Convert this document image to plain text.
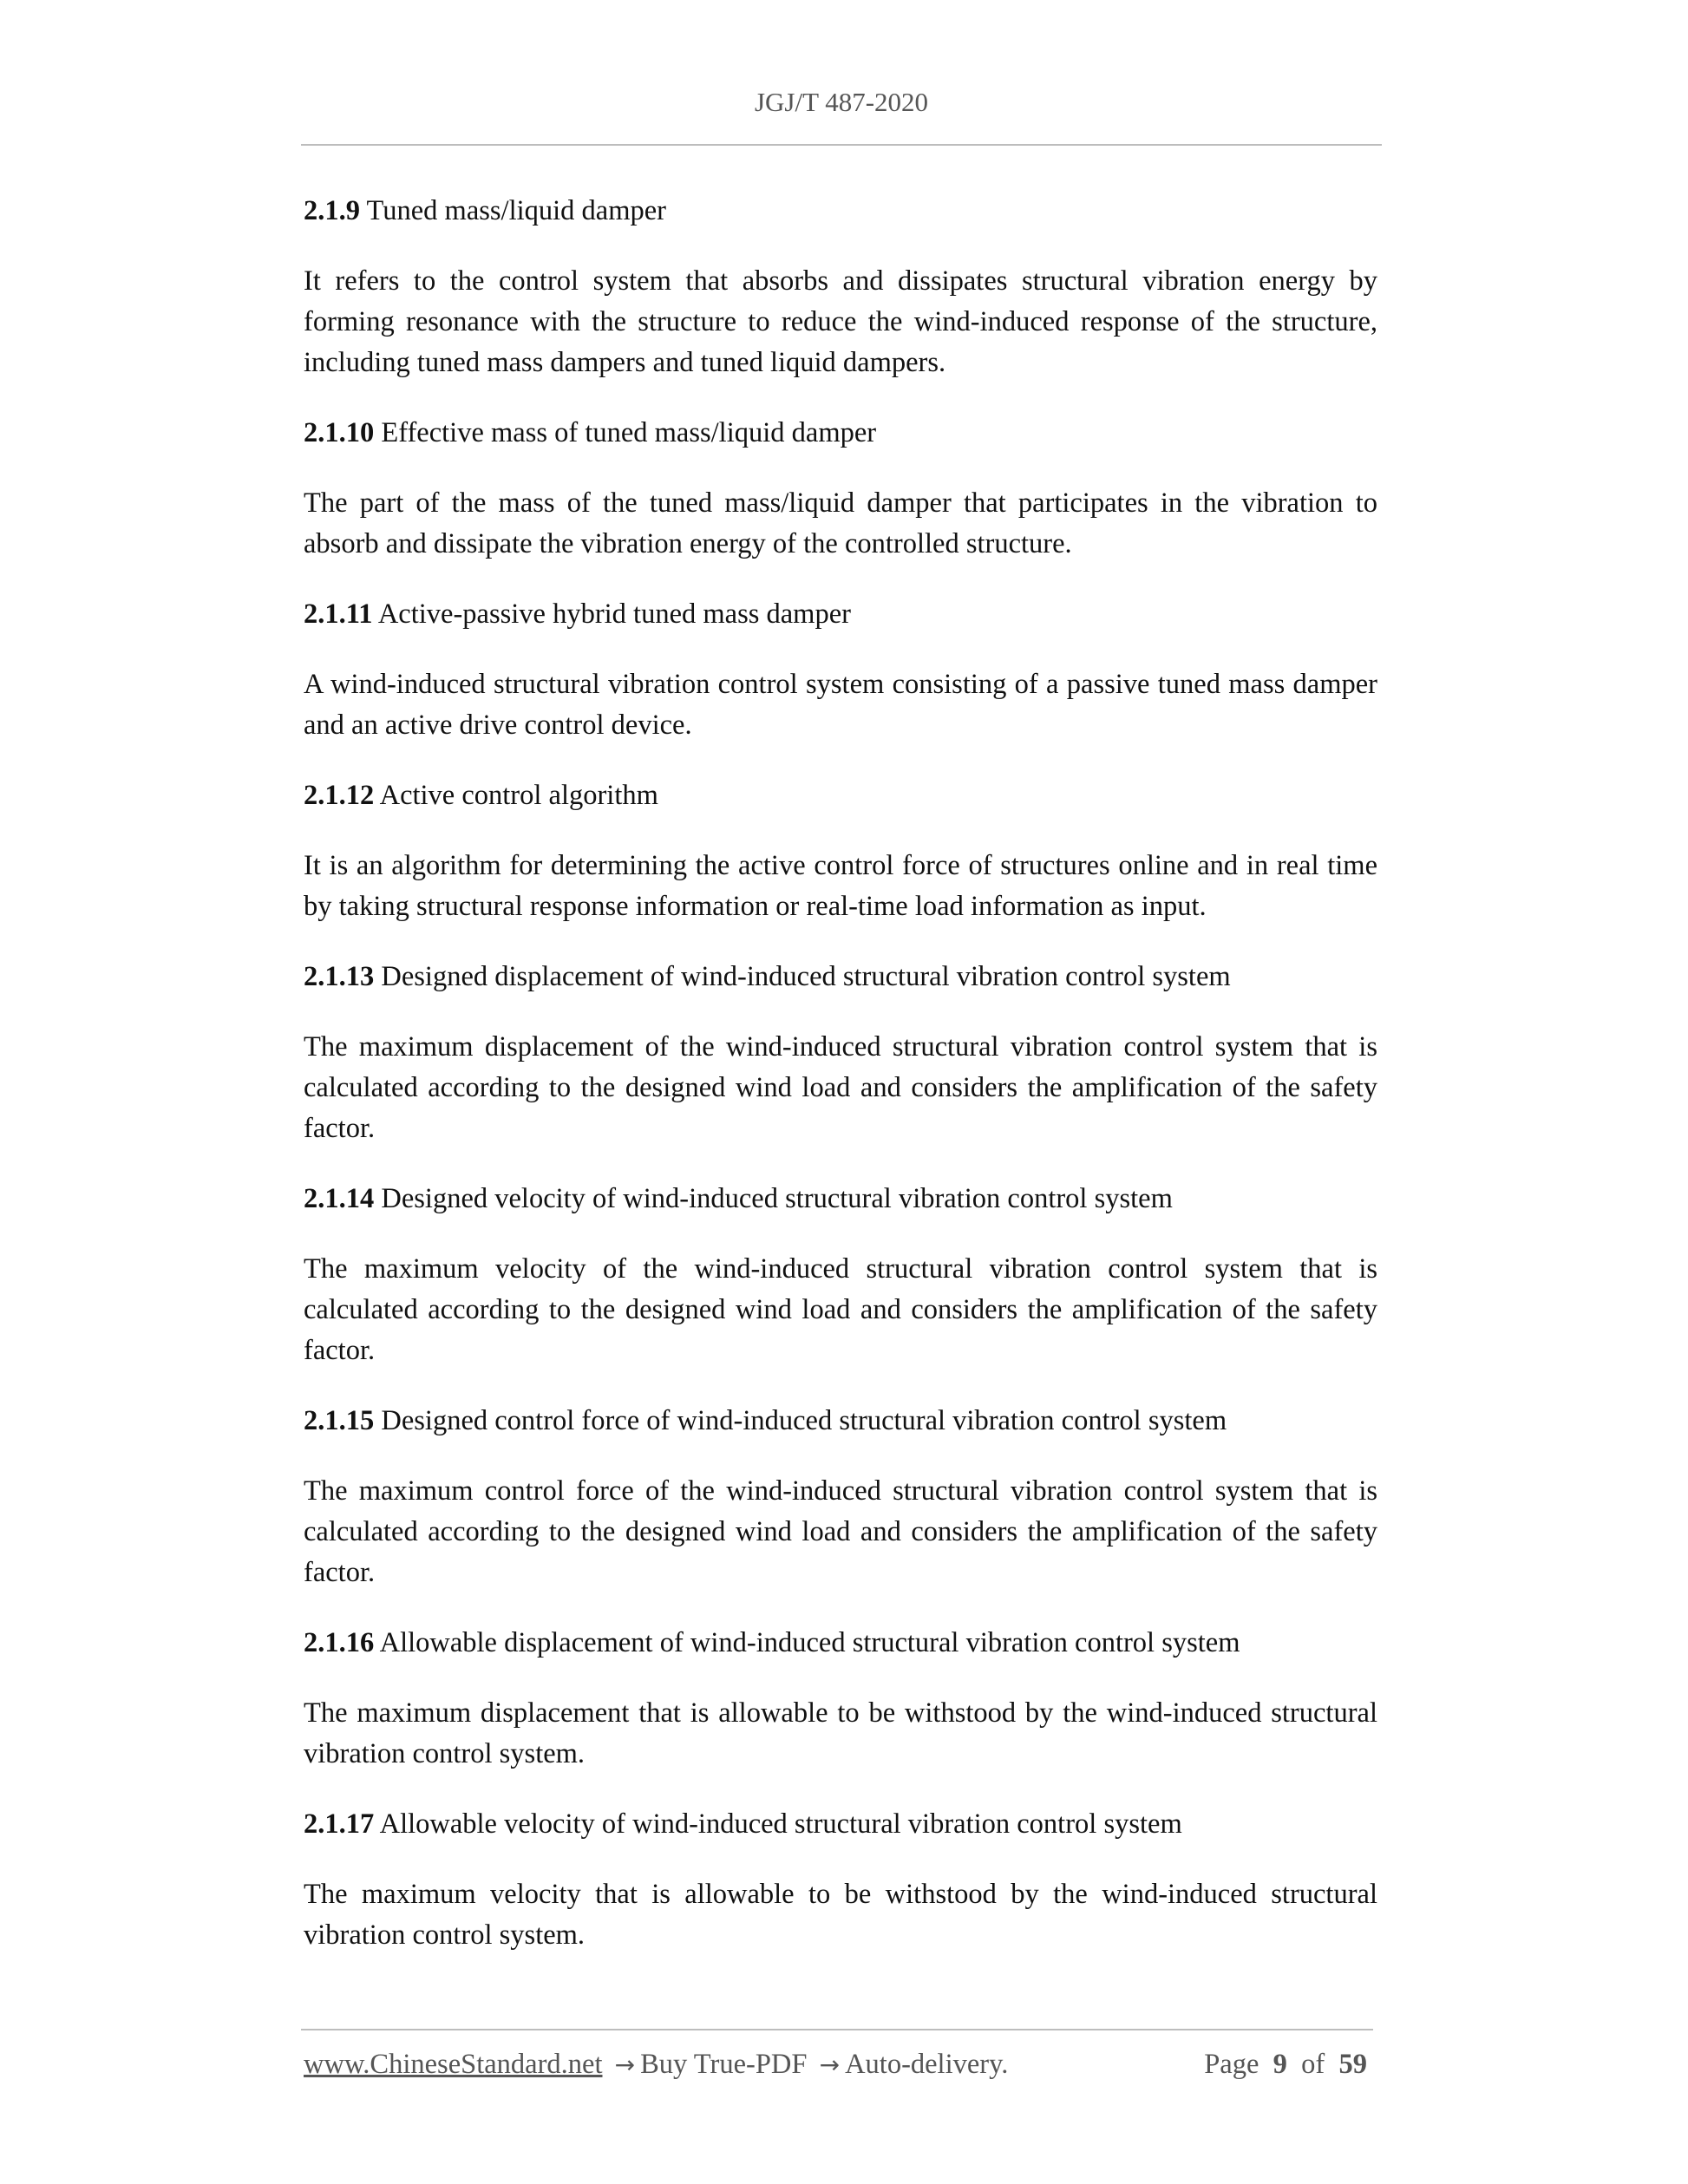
JGJ/T 487-2020

2.1.9 Tuned mass/liquid damper

It refers to the control system that absorbs and dissipates structural vibration energy by forming resonance with the structure to reduce the wind-induced response of the structure, including tuned mass dampers and tuned liquid dampers.

2.1.10 Effective mass of tuned mass/liquid damper

The part of the mass of the tuned mass/liquid damper that participates in the vibration to absorb and dissipate the vibration energy of the controlled structure.

2.1.11 Active-passive hybrid tuned mass damper

A wind-induced structural vibration control system consisting of a passive tuned mass damper and an active drive control device.

2.1.12 Active control algorithm

It is an algorithm for determining the active control force of structures online and in real time by taking structural response information or real-time load information as input.

2.1.13 Designed displacement of wind-induced structural vibration control system

The maximum displacement of the wind-induced structural vibration control system that is calculated according to the designed wind load and considers the amplification of the safety factor.

2.1.14 Designed velocity of wind-induced structural vibration control system

The maximum velocity of the wind-induced structural vibration control system that is calculated according to the designed wind load and considers the amplification of the safety factor.

2.1.15 Designed control force of wind-induced structural vibration control system

The maximum control force of the wind-induced structural vibration control system that is calculated according to the designed wind load and considers the amplification of the safety factor.

2.1.16 Allowable displacement of wind-induced structural vibration control system

The maximum displacement that is allowable to be withstood by the wind-induced structural vibration control system.

2.1.17 Allowable velocity of wind-induced structural vibration control system

The maximum velocity that is allowable to be withstood by the wind-induced structural vibration control system.

www.ChineseStandard.net → Buy True-PDF → Auto-delivery.	Page 9 of 59
